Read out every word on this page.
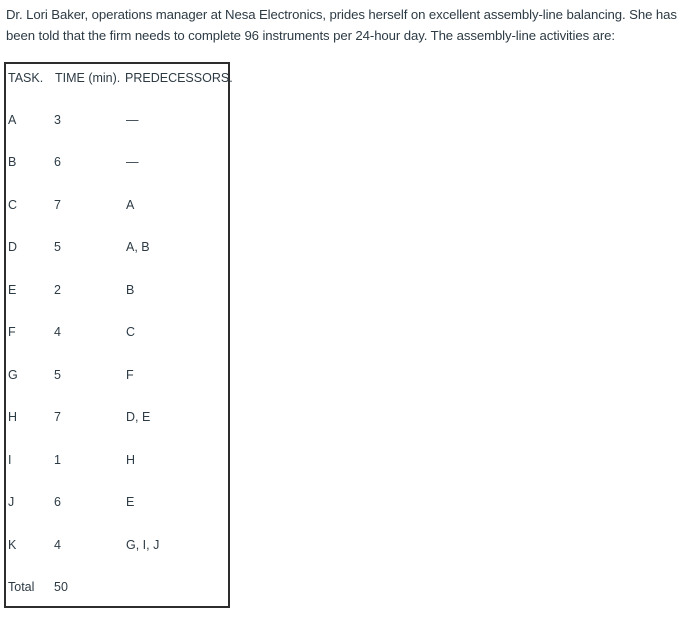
Dr. Lori Baker, operations manager at Nesa Electronics, prides herself on excellent assembly-line balancing. She has been told that the firm needs to complete 96 instruments per 24-hour day. The assembly-line activities are:

TASK. TIME (min). PREDECESSORS.
A	3	—
B	6	—
C	7	A
D	5	A, B
E	2	B
F	4	C
G	5	F
H	7	D, E
I	1	H
J	6	E
K	4	G, I, J
Total 50
